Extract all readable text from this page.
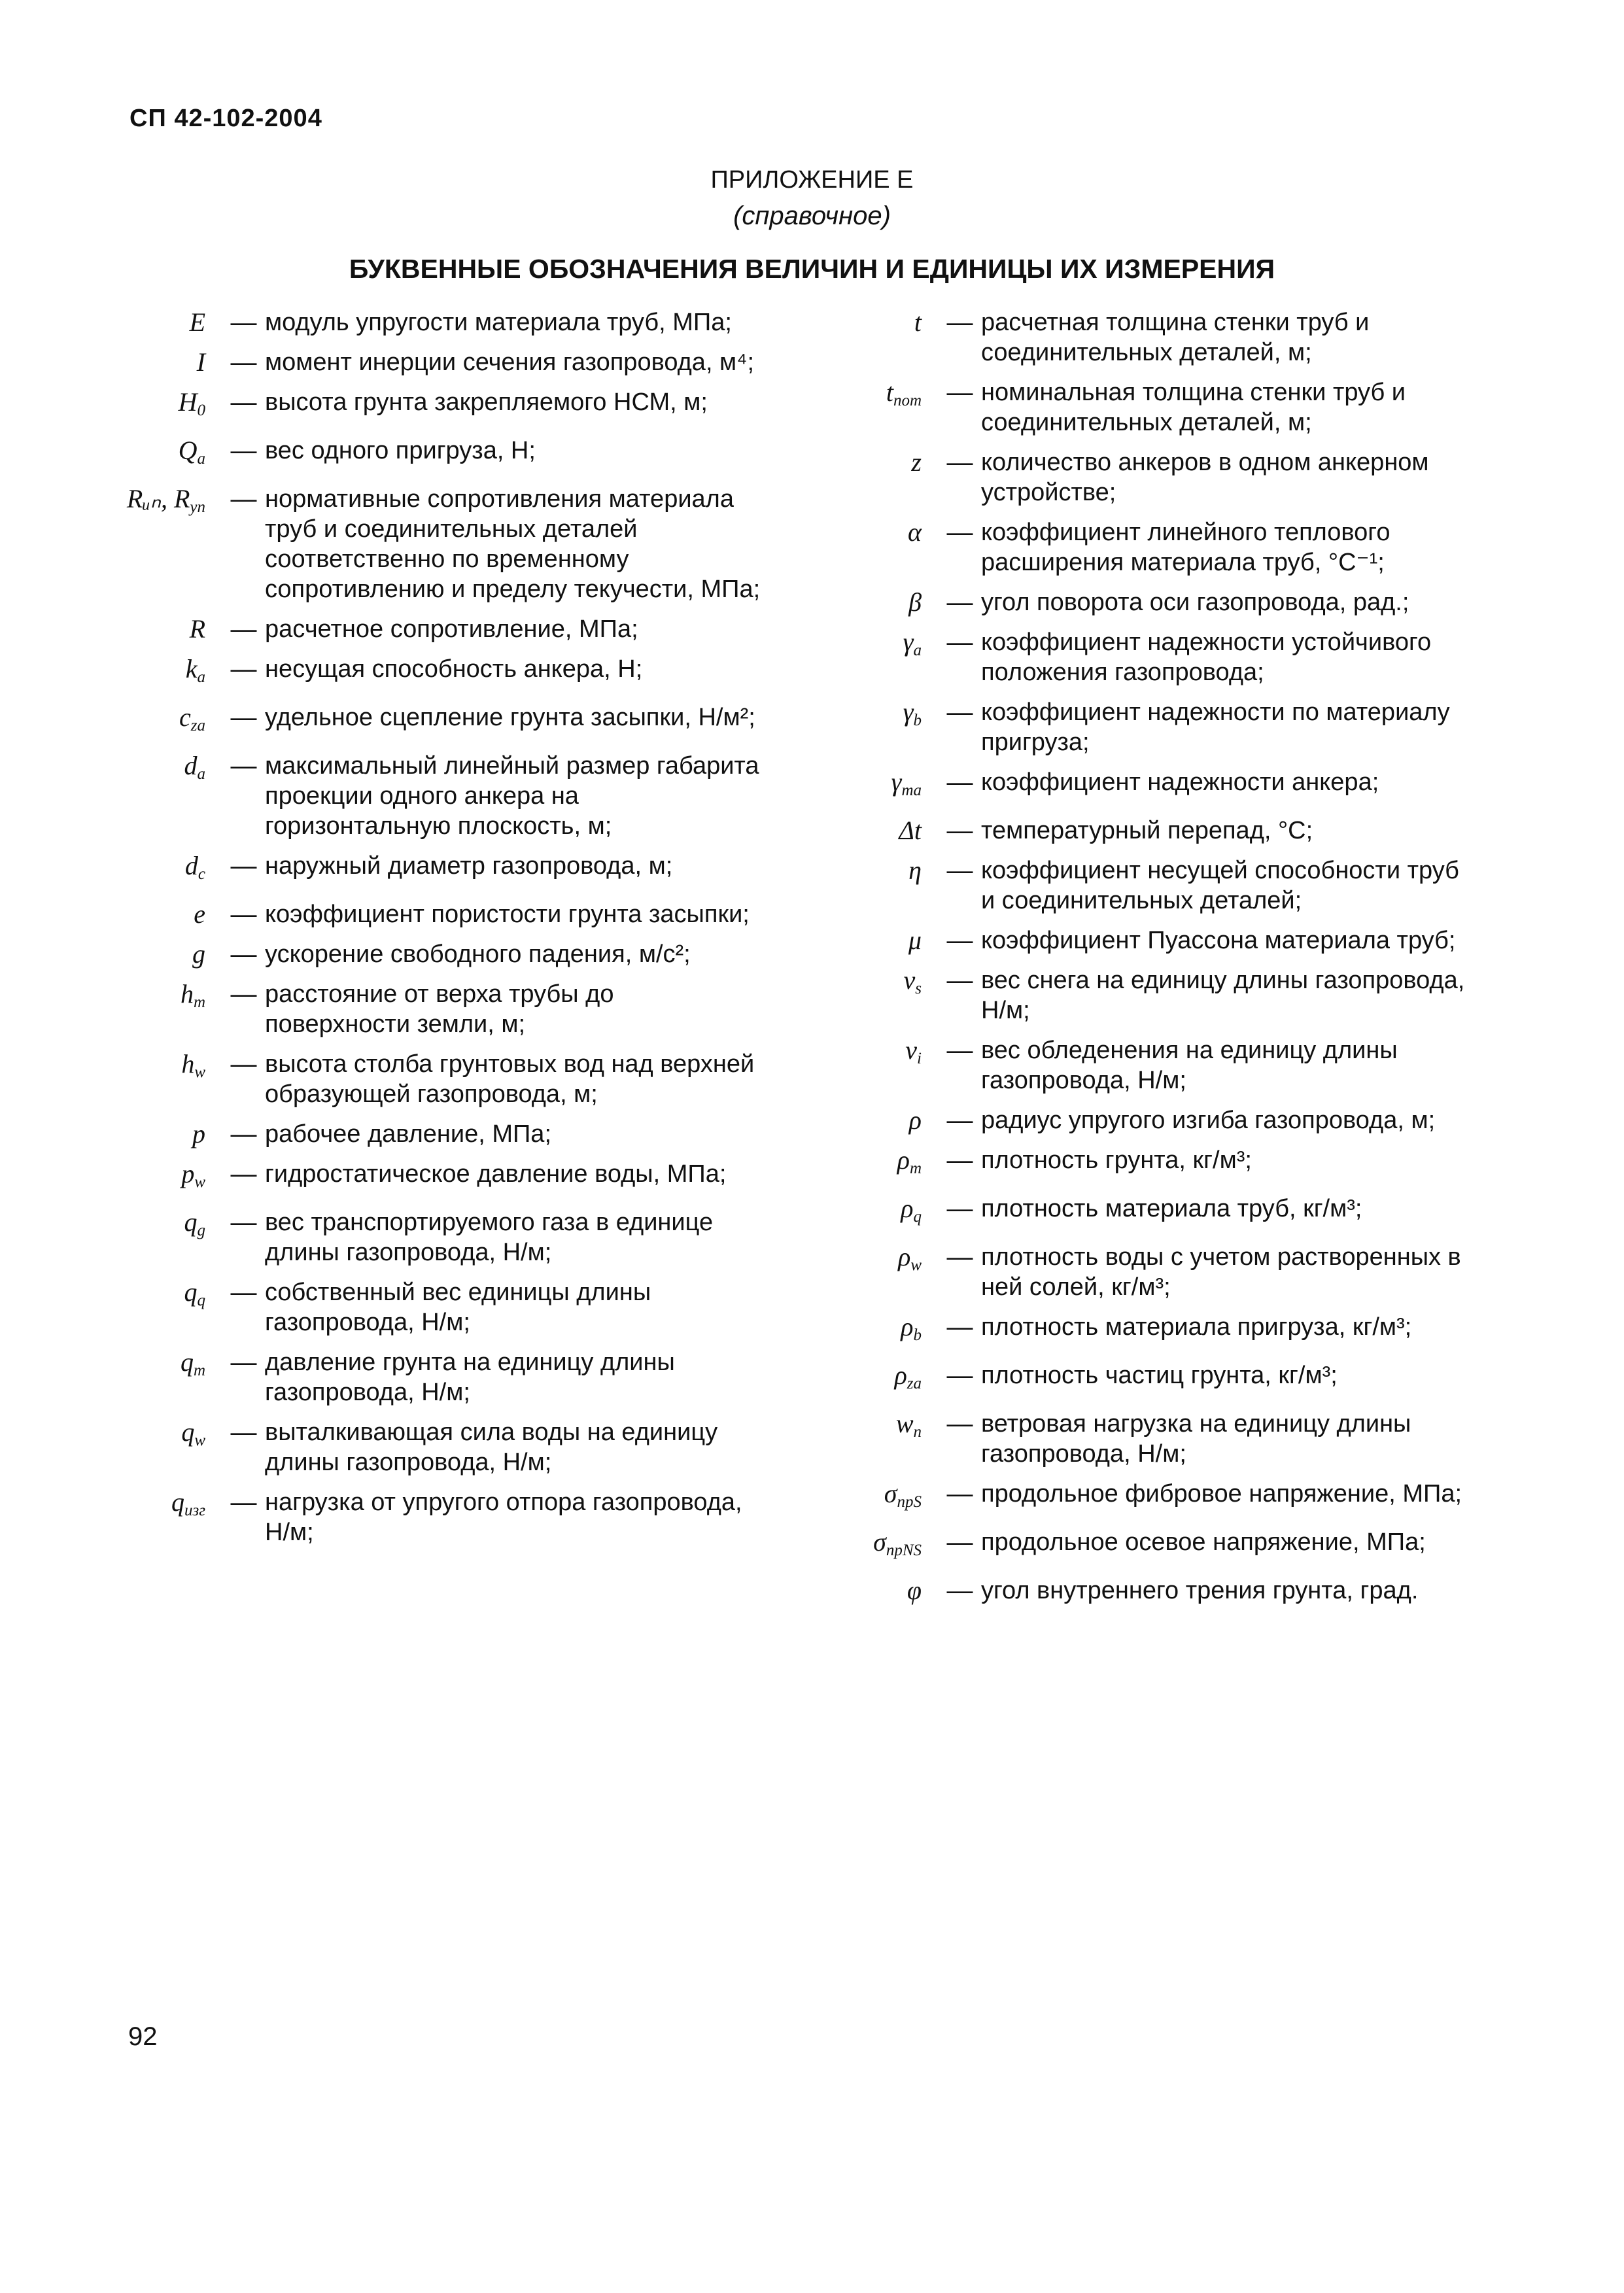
СП 42-102-2004
ПРИЛОЖЕНИЕ Е
(справочное)
БУКВЕННЫЕ ОБОЗНАЧЕНИЯ ВЕЛИЧИН И ЕДИНИЦЫ ИХ ИЗМЕРЕНИЯ
E — модуль упругости материала труб, МПа;
I — момент инерции сечения газопровода, м⁴;
$H_0$ — высота грунта закрепляемого НСМ, м;
$Q_a$ — вес одного пригруза, Н;
Rᵤₙ, $R_{yn}$ — нормативные сопротивления материала труб и соединительных деталей соответственно по временному сопротивлению и пределу текучести, МПа;
R — расчетное сопротивление, МПа;
$k_a$ — несущая способность анкера, Н;
$c_{za}$ — удельное сцепление грунта засыпки, Н/м²;
$d_a$ — максимальный линейный размер габарита проекции одного анкера на горизонтальную плоскость, м;
$d_c$ — наружный диаметр газопровода, м;
e — коэффициент пористости грунта засыпки;
g — ускорение свободного падения, м/с²;
$h_m$ — расстояние от верха трубы до поверхности земли, м;
$h_w$ — высота столба грунтовых вод над верхней образующей газопровода, м;
p — рабочее давление, МПа;
$p_w$ — гидростатическое давление воды, МПа;
$q_g$ — вес транспортируемого газа в единице длины газопровода, Н/м;
$q_q$ — собственный вес единицы длины газопровода, Н/м;
$q_m$ — давление грунта на единицу длины газопровода, Н/м;
$q_w$ — выталкивающая сила воды на единицу длины газопровода, Н/м;
$q_{изг}$ — нагрузка от упругого отпора газопровода, Н/м;
t — расчетная толщина стенки труб и соединительных деталей, м;
$t_{nom}$ — номинальная толщина стенки труб и соединительных деталей, м;
z — количество анкеров в одном анкерном устройстве;
α — коэффициент линейного теплового расширения материала труб, °С⁻¹;
β — угол поворота оси газопровода, рад.;
$\gamma_a$ — коэффициент надежности устойчивого положения газопровода;
$\gamma_b$ — коэффициент надежности по материалу пригруза;
$\gamma_{ma}$ — коэффициент надежности анкера;
Δt — температурный перепад, °С;
η — коэффициент несущей способности труб и соединительных деталей;
μ — коэффициент Пуассона материала труб;
$v_s$ — вес снега на единицу длины газопровода, Н/м;
$v_i$ — вес обледенения на единицу длины газопровода, Н/м;
ρ — радиус упругого изгиба газопровода, м;
$\rho_m$ — плотность грунта, кг/м³;
$\rho_q$ — плотность материала труб, кг/м³;
$\rho_w$ — плотность воды с учетом растворенных в ней солей, кг/м³;
$\rho_b$ — плотность материала пригруза, кг/м³;
$\rho_{za}$ — плотность частиц грунта, кг/м³;
$w_n$ — ветровая нагрузка на единицу длины газопровода, Н/м;
$\sigma_{прS}$ — продольное фибровое напряжение, МПа;
$\sigma_{прNS}$ — продольное осевое напряжение, МПа;
φ — угол внутреннего трения грунта, град.
92
